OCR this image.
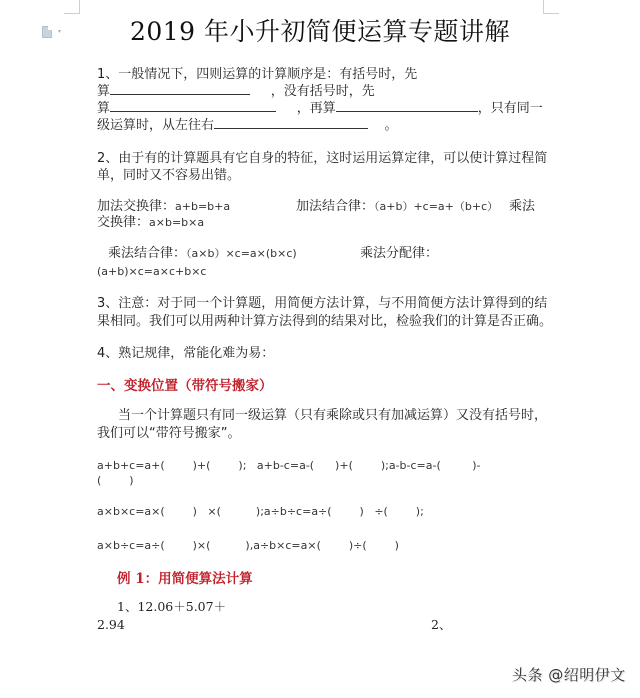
▾	2019 年小升初简便运算专题讲解
1、一般情况下，四则运算的计算顺序是：有括号时，先
算	，没有括号时，先
算	，再算	，只有同一
级运算时，从左往右	。
2、由于有的计算题具有它自身的特征，这时运用运算定律，可以使计算过程简
单，同时又不容易出错。
加法交换律：a+b=b+a	加法结合律：（a+b）+c=a+（b+c） 乘法
交换律：a×b=b×a
乘法结合律：（a×b）×c=a×(b×c)	乘法分配律：
(a+b)×c=a×c+b×c
3、注意：对于同一个计算题，用简便方法计算，与不用简便方法计算得到的结
果相同。我们可以用两种计算方法得到的结果对比，检验我们的计算是否正确。
4、熟记规律，常能化难为易：
一、变换位置（带符号搬家）
当一个计算题只有同一级运算（只有乘除或只有加减运算）又没有括号时，
我们可以“带符号搬家”。
a+b+c=a+(        )+(        );   a+b-c=a-(      )+(        );a-b-c=a-(         )-
(        )
a×b×c=a×(        )   ×(          );a÷b÷c=a÷(        )   ÷(        );
a×b÷c=a÷(        )×(          ),a÷b×c=a×(        )÷(        )
例 1：用简便算法计算
1、12.06＋5.07＋
2.94	2、
头条 @绍明伊文
